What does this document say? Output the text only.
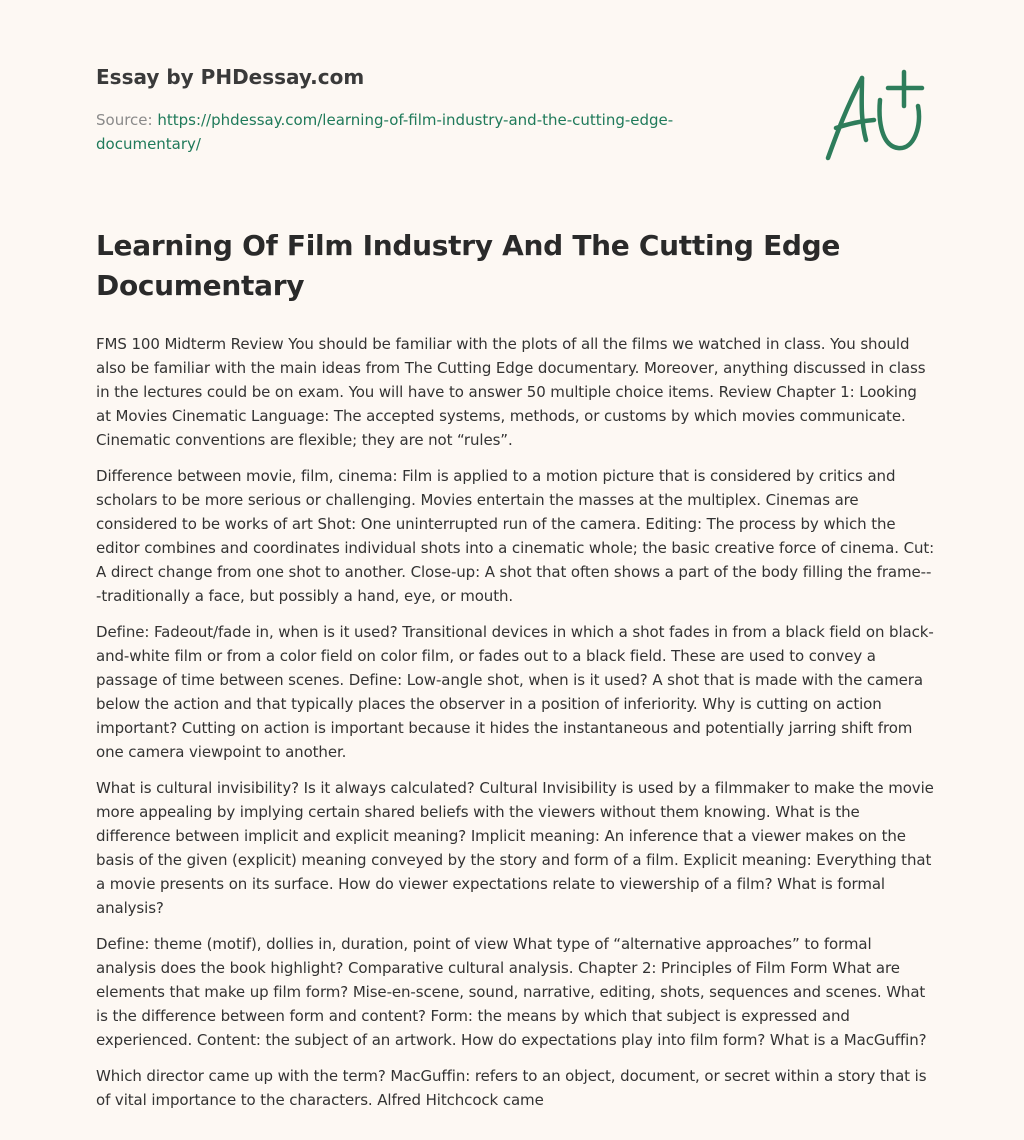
Essay by PHDessay.com
Source: https://phdessay.com/learning-of-film-industry-and-the-cutting-edge-documentary/
Learning Of Film Industry And The Cutting Edge Documentary

FMS 100 Midterm Review You should be familiar with the plots of all the films we watched in class. You should also be familiar with the main ideas from The Cutting Edge documentary. Moreover, anything discussed in class in the lectures could be on exam. You will have to answer 50 multiple choice items. Review Chapter 1: Looking at Movies Cinematic Language: The accepted systems, methods, or customs by which movies communicate. Cinematic conventions are flexible; they are not “rules”.

Difference between movie, film, cinema: Film is applied to a motion picture that is considered by critics and scholars to be more serious or challenging. Movies entertain the masses at the multiplex. Cinemas are considered to be works of art Shot: One uninterrupted run of the camera. Editing: The process by which the editor combines and coordinates individual shots into a cinematic whole; the basic creative force of cinema. Cut: A direct change from one shot to another. Close-up: A shot that often shows a part of the body filling the frame---traditionally a face, but possibly a hand, eye, or mouth.

Define: Fadeout/fade in, when is it used? Transitional devices in which a shot fades in from a black field on black-and-white film or from a color field on color film, or fades out to a black field. These are used to convey a passage of time between scenes. Define: Low-angle shot, when is it used? A shot that is made with the camera below the action and that typically places the observer in a position of inferiority. Why is cutting on action important? Cutting on action is important because it hides the instantaneous and potentially jarring shift from one camera viewpoint to another.

What is cultural invisibility? Is it always calculated? Cultural Invisibility is used by a filmmaker to make the movie more appealing by implying certain shared beliefs with the viewers without them knowing. What is the difference between implicit and explicit meaning? Implicit meaning: An inference that a viewer makes on the basis of the given (explicit) meaning conveyed by the story and form of a film. Explicit meaning: Everything that a movie presents on its surface. How do viewer expectations relate to viewership of a film? What is formal analysis?

Define: theme (motif), dollies in, duration, point of view What type of “alternative approaches” to formal analysis does the book highlight? Comparative cultural analysis. Chapter 2: Principles of Film Form What are elements that make up film form? Mise-en-scene, sound, narrative, editing, shots, sequences and scenes. What is the difference between form and content? Form: the means by which that subject is expressed and experienced. Content: the subject of an artwork. How do expectations play into film form? What is a MacGuffin?

Which director came up with the term? MacGuffin: refers to an object, document, or secret within a story that is of vital importance to the characters. Alfred Hitchcock came
